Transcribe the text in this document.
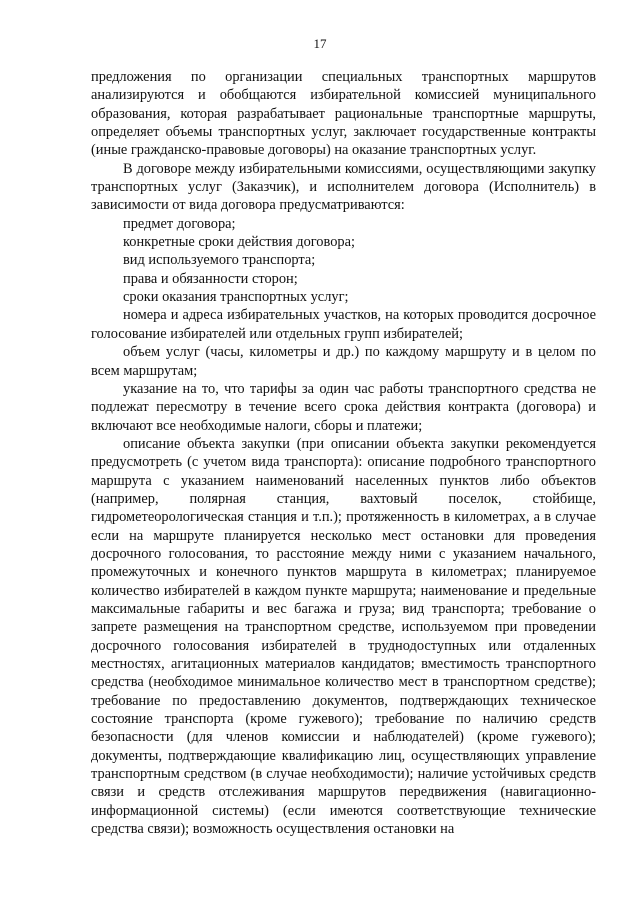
17

предложения по организации специальных транспортных маршрутов анализируются и обобщаются избирательной комиссией муниципального образования, которая разрабатывает рациональные транспортные маршруты, определяет объемы транспортных услуг, заключает государственные контракты (иные гражданско-правовые договоры) на оказание транспортных услуг.

В договоре между избирательными комиссиями, осуществляющими закупку транспортных услуг (Заказчик), и исполнителем договора (Исполнитель) в зависимости от вида договора предусматриваются:

предмет договора;

конкретные сроки действия договора;

вид используемого транспорта;

права и обязанности сторон;

сроки оказания транспортных услуг;

номера и адреса избирательных участков, на которых проводится досрочное голосование избирателей или отдельных групп избирателей;

объем услуг (часы, километры и др.) по каждому маршруту и в целом по всем маршрутам;

указание на то, что тарифы за один час работы транспортного средства не подлежат пересмотру в течение всего срока действия контракта (договора) и включают все необходимые налоги, сборы и платежи;

описание объекта закупки (при описании объекта закупки рекомендуется предусмотреть (с учетом вида транспорта): описание подробного транспортного маршрута с указанием наименований населенных пунктов либо объектов (например, полярная станция, вахтовый поселок, стойбище, гидрометеорологическая станция и т.п.); протяженность в километрах, а в случае если на маршруте планируется несколько мест остановки для проведения досрочного голосования, то расстояние между ними с указанием начального, промежуточных и конечного пунктов маршрута в километрах; планируемое количество избирателей в каждом пункте маршрута; наименование и предельные максимальные габариты и вес багажа и груза; вид транспорта; требование о запрете размещения на транспортном средстве, используемом при проведении досрочного голосования избирателей в труднодоступных или отдаленных местностях, агитационных материалов кандидатов; вместимость транспортного средства (необходимое минимальное количество мест в транспортном средстве); требование по предоставлению документов, подтверждающих техническое состояние транспорта (кроме гужевого); требование по наличию средств безопасности (для членов комиссии и наблюдателей) (кроме гужевого); документы, подтверждающие квалификацию лиц, осуществляющих управление транспортным средством (в случае необходимости); наличие устойчивых средств связи и средств отслеживания маршрутов передвижения (навигационно-информационной системы) (если имеются соответствующие технические средства связи); возможность осуществления остановки на
